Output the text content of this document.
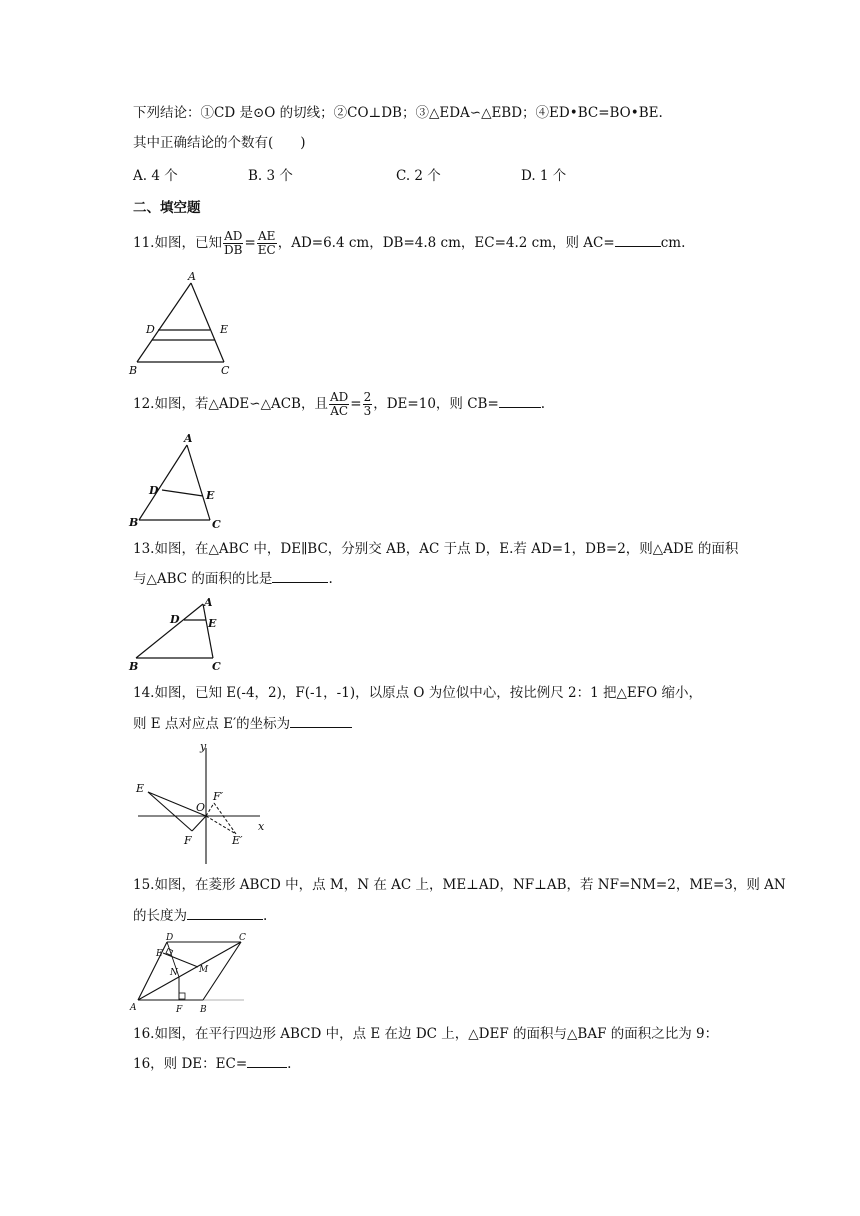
下列结论：①CD 是⊙O 的切线；②CO⊥DB；③△EDA∽△EBD；④ED•BC=BO•BE.
其中正确结论的个数有(　　)
A. 4 个	B. 3 个	C. 2 个	D. 1 个
二、填空题
11.如图，已知 $\frac{AD}{DB} = \frac{AE}{EC}$ ，AD=6.4 cm，DB=4.8 cm，EC=4.2 cm，则 AC=	cm.
A
D	E
B	C
12.如图，若△ADE∽△ACB，且 $\frac{AD}{AC} = \frac{2}{3}$ ，DE=10，则 CB=	.
A
D	E
B	C
13.如图，在△ABC 中，DE∥BC，分别交 AB，AC 于点 D，E.若 AD=1，DB=2，则△ADE 的面积
与△ABC 的面积的比是	.
A
D	E
B	C
14.如图，已知 E(-4，2)，F(-1，-1)，以原点 O 为位似中心，按比例尺 2：1 把△EFO 缩小，
则 E 点对应点 E′的坐标为
y
x
O
E
F
F′
E′
15.如图，在菱形 ABCD 中，点 M，N 在 AC 上，ME⊥AD，NF⊥AB，若 NF=NM=2，ME=3，则 AN
的长度为	.
D	C
E
N M
A	F B
16.如图，在平行四边形 ABCD 中，点 E 在边 DC 上，△DEF 的面积与△BAF 的面积之比为 9：
16，则 DE：EC=	.
